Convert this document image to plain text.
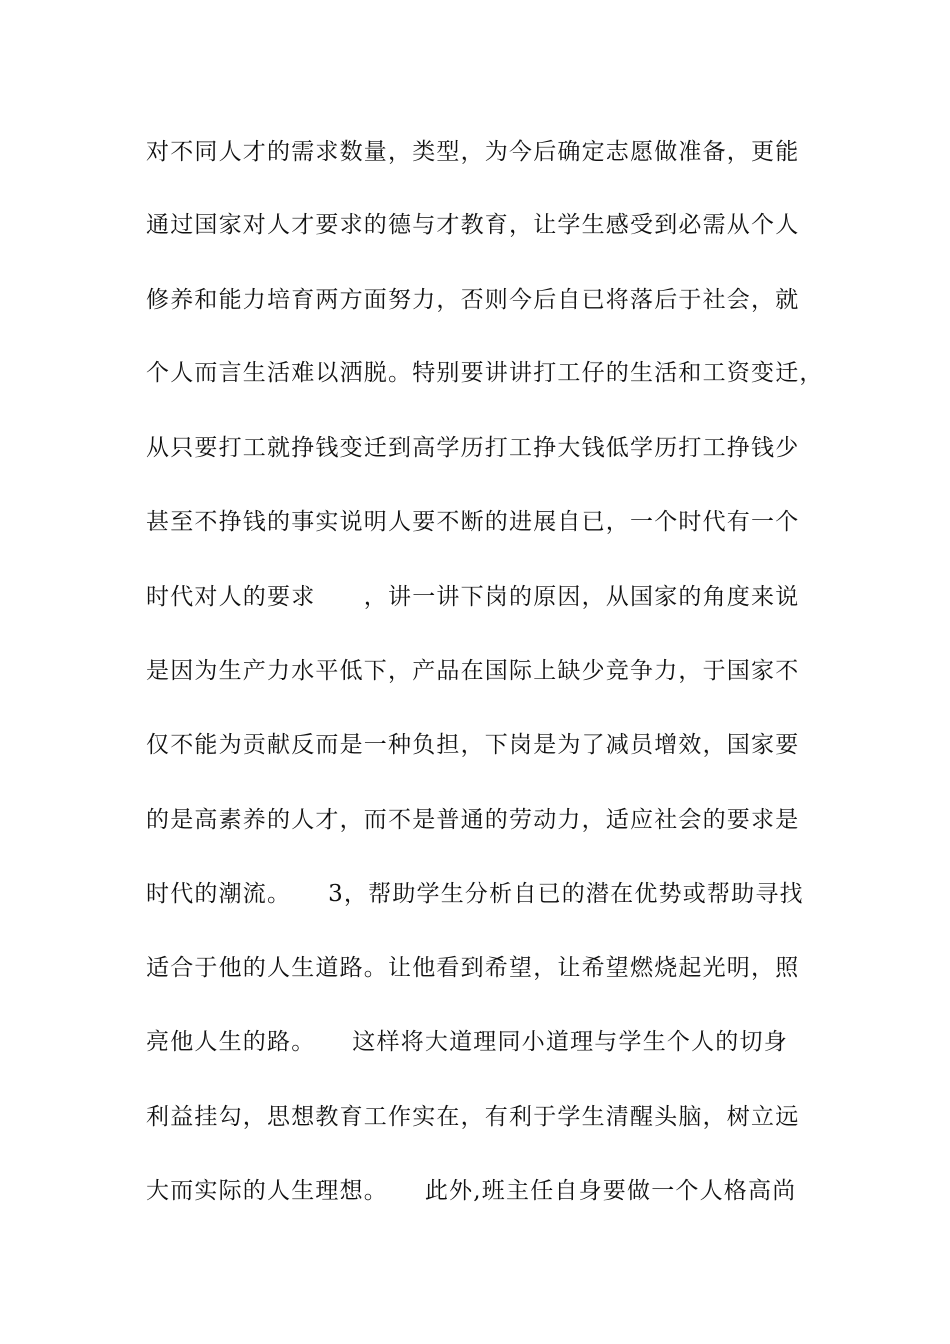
对不同人才的需求数量，类型，为今后确定志愿做准备，更能
通过国家对人才要求的德与才教育，让学生感受到必需从个人
修养和能力培育两方面努力，否则今后自已将落后于社会，就
个人而言生活难以洒脱。特别要讲讲打工仔的生活和工资变迁，
从只要打工就挣钱变迁到高学历打工挣大钱低学历打工挣钱少
甚至不挣钱的事实说明人要不断的进展自已，一个时代有一个
时代对人的要求　　，讲一讲下岗的原因，从国家的角度来说
是因为生产力水平低下，产品在国际上缺少竞争力，于国家不
仅不能为贡献反而是一种负担，下岗是为了减员增效，国家要
的是高素养的人才，而不是普通的劳动力，适应社会的要求是
时代的潮流。　　3，帮助学生分析自已的潜在优势或帮助寻找
适合于他的人生道路。让他看到希望，让希望燃烧起光明，照
亮他人生的路。　　这样将大道理同小道理与学生个人的切身
利益挂勾，思想教育工作实在，有利于学生清醒头脑，树立远
大而实际的人生理想。　　此外,班主任自身要做一个人格高尚
